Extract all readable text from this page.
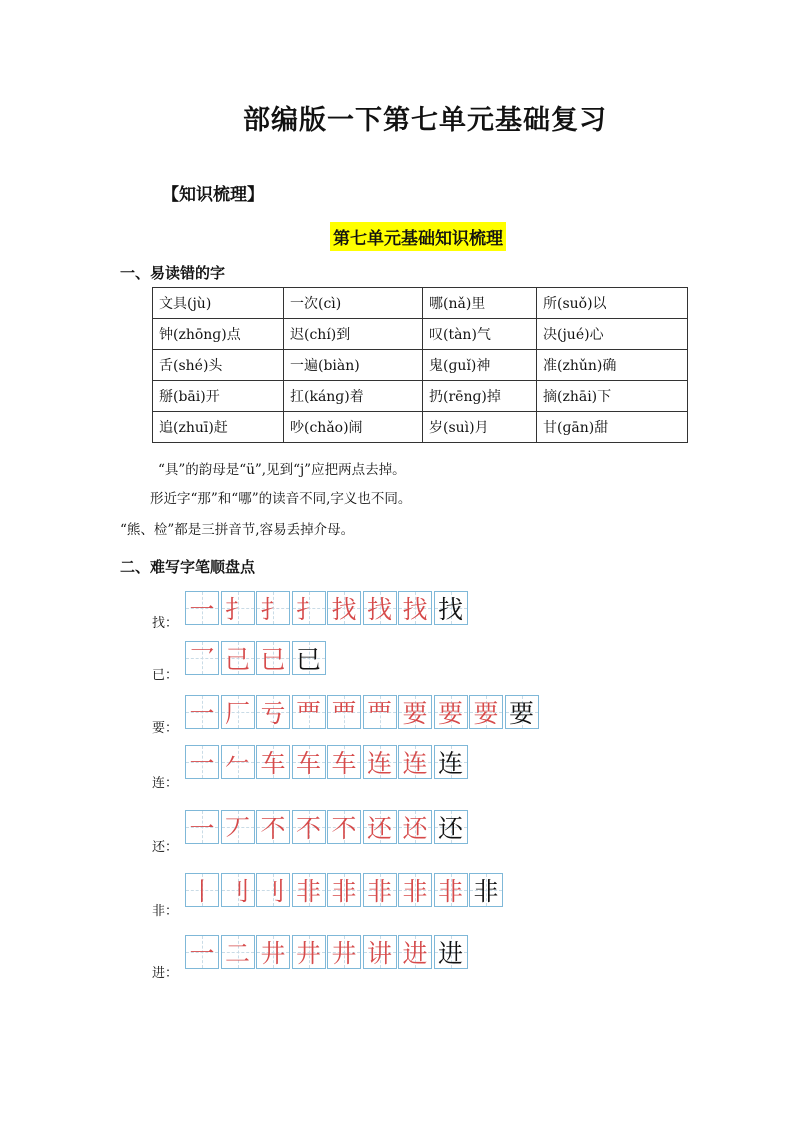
部编版一下第七单元基础复习
【知识梳理】
第七单元基础知识梳理
一、易读错的字
文具(jù)	一次(cì)	哪(nǎ)里	所(suǒ)以
钟(zhōnɡ)点	迟(chí)到	叹(tàn)气	决(jué)心
舌(shé)头	一遍(biàn)	鬼(ɡuǐ)神	准(zhǔn)确
掰(bāi)开	扛(kánɡ)着	扔(rēnɡ)掉	摘(zhāi)下
追(zhuī)赶	吵(chǎo)闹	岁(suì)月	甘(ɡān)甜
“具”的韵母是“ü”,见到“j”应把两点去掉。
形近字“那”和“哪”的读音不同,字义也不同。
“熊、检”都是三拼音节,容易丢掉介母。
二、难写字笔顺盘点
找： 一 扌 扌 扌 找 找 找 找
已：
乛 己 已 已
要：
一 厂 亏 覀 覀 覀 要 要 要 要
连：
一 𠂉 车 车 车 连 连 连
还：
一 丆 不 不 不 还 还 还
非：
丨 刂 刂 非 非 非 非 非 非
进：
一 二 井 井 井 讲 进 进
